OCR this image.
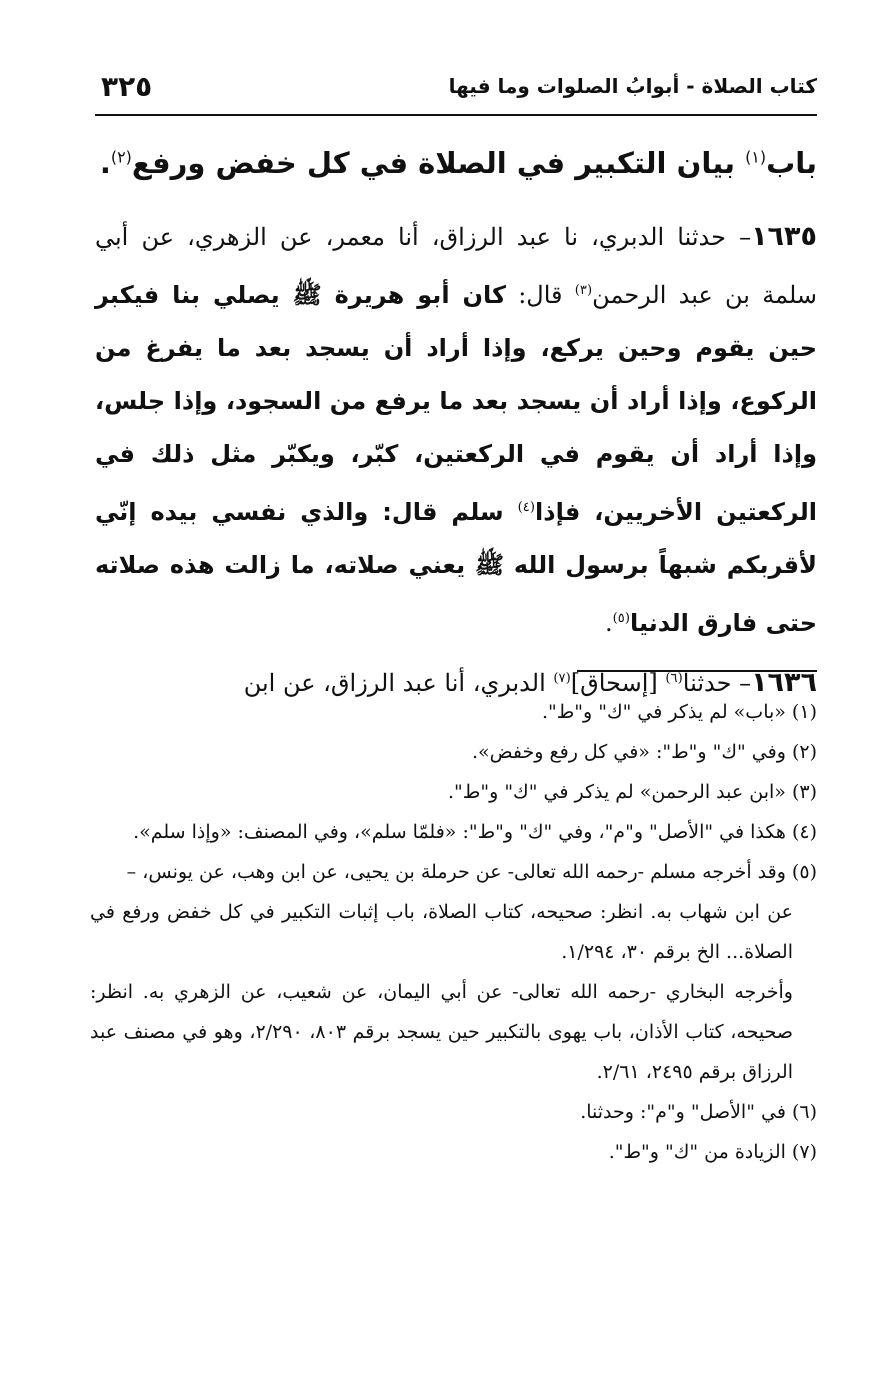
كتاب الصلاة - أبوابُ الصلوات وما فيها
٣٢٥
باب$^{(١)}$ بيان التكبير في الصلاة في كل خفض ورفع$^{(٢)}$.

١٦٣٥– حدثنا الدبري، نا عبد الرزاق، أنا معمر، عن الزهري، عن أبي سلمة بن عبد الرحمن$^{(٣)}$ قال: كان أبو هريرة ﷺ يصلي بنا فيكبر حين يقوم وحين يركع، وإذا أراد أن يسجد بعد ما يفرغ من الركوع، وإذا أراد أن يسجد بعد ما يرفع من السجود، وإذا جلس، وإذا أراد أن يقوم في الركعتين، كبّر، ويكبّر مثل ذلك في الركعتين الأخريين، فإذا$^{(٤)}$ سلم قال: والذي نفسي بيده إنّي لأقربكم شبهاً برسول الله ﷺ يعني صلاته، ما زالت هذه صلاته حتى فارق الدنيا$^{(٥)}$.

١٦٣٦– حدثنا$^{(٦)}$ [إسحاق]$^{(٧)}$ الدبري، أنا عبد الرزاق، عن ابن

(١) «باب» لم يذكر في "ك" و"ط".

(٢) وفي "ك" و"ط": «في كل رفع وخفض».

(٣) «ابن عبد الرحمن» لم يذكر في "ك" و"ط".

(٤) هكذا في "الأصل" و"م"، وفي "ك" و"ط": «فلمّا سلم»، وفي المصنف: «وإذا سلم».

(٥) وقد أخرجه مسلم -رحمه الله تعالى- عن حرملة بن يحيى، عن ابن وهب، عن يونس، –

عن ابن شهاب به. انظر: صحيحه، كتاب الصلاة، باب إثبات التكبير في كل خفض ورفع في الصلاة... الخ برقم ٣٠، ١/٢٩٤.

وأخرجه البخاري -رحمه الله تعالى- عن أبي اليمان، عن شعيب، عن الزهري به. انظر: صحيحه، كتاب الأذان، باب يهوى بالتكبير حين يسجد برقم ٨٠٣، ٢/٢٩٠، وهو في مصنف عبد الرزاق برقم ٢٤٩٥، ٢/٦١.

(٦) في "الأصل" و"م": وحدثنا.

(٧) الزيادة من "ك" و"ط".
